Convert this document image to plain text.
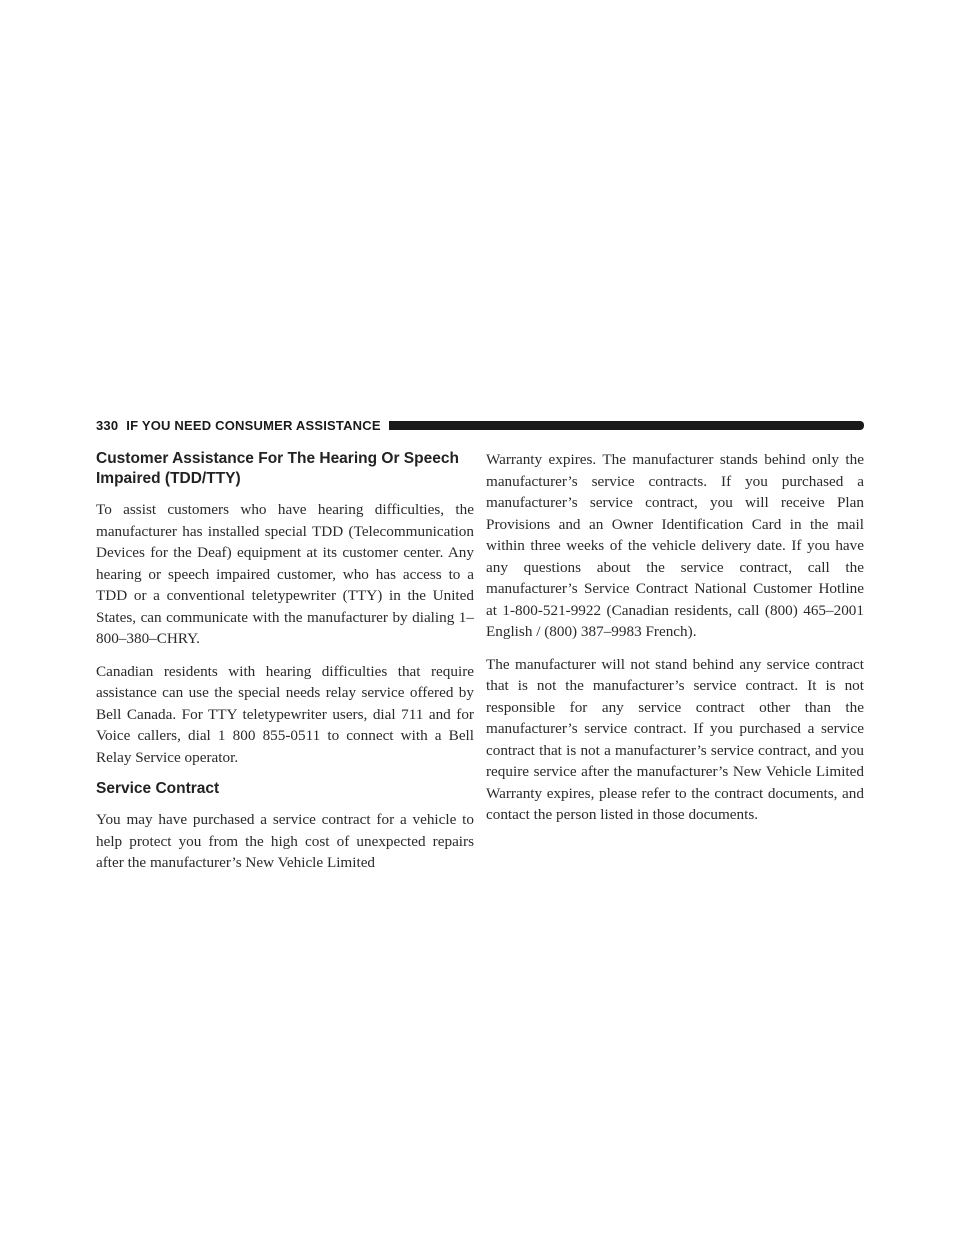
330 IF YOU NEED CONSUMER ASSISTANCE
Customer Assistance For The Hearing Or Speech Impaired (TDD/TTY)

To assist customers who have hearing difficulties, the manufacturer has installed special TDD (Telecommunication Devices for the Deaf) equipment at its customer center. Any hearing or speech impaired customer, who has access to a TDD or a conventional teletypewriter (TTY) in the United States, can communicate with the manufacturer by dialing 1–800–380–CHRY.

Canadian residents with hearing difficulties that require assistance can use the special needs relay service offered by Bell Canada. For TTY teletypewriter users, dial 711 and for Voice callers, dial 1 800 855-0511 to connect with a Bell Relay Service operator.

Service Contract

You may have purchased a service contract for a vehicle to help protect you from the high cost of unexpected repairs after the manufacturer’s New Vehicle Limited

Warranty expires. The manufacturer stands behind only the manufacturer’s service contracts. If you purchased a manufacturer’s service contract, you will receive Plan Provisions and an Owner Identification Card in the mail within three weeks of the vehicle delivery date. If you have any questions about the service contract, call the manufacturer’s Service Contract National Customer Hotline at 1-800-521-9922 (Canadian residents, call (800) 465–2001 English / (800) 387–9983 French).

The manufacturer will not stand behind any service contract that is not the manufacturer’s service contract. It is not responsible for any service contract other than the manufacturer’s service contract. If you purchased a service contract that is not a manufacturer’s service contract, and you require service after the manufacturer’s New Vehicle Limited Warranty expires, please refer to the contract documents, and contact the person listed in those documents.
